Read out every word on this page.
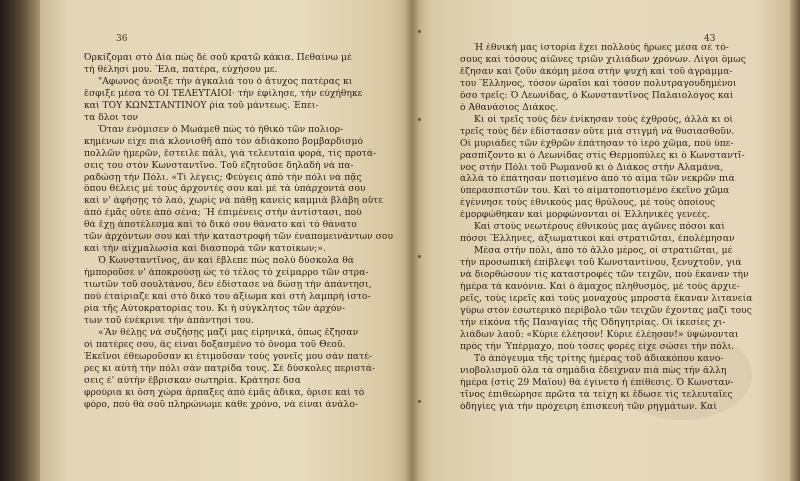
36
Ὀρκίζομαι στὸ Δία πὼς δὲ σοῦ κρατῶ κάκια. Πεθαίνω μὲ
τὴ θέλησί μου. Ἔλα, πατέρα, εὐχήσου με.
"Αφωνος ἄνοιξε τὴν ἀγκαλιά του ὁ ἄτυχος πατέρας κι
ἔσφιξε μέσα τὸ ΟΙ ΤΕΛΕΥΤΑΙΟΙ· τὴν ἐφίλησε, τὴν εὐχήθηκε
καὶ ΤΟΥ ΚΩΝΣΤΑΝΤΙΝΟΥ ῥία τοῦ μάντεως. Ἐπει-
τα δλοι τον
Ὅταν ἐνόμισεν ὁ Μωάμεθ πὼς τὸ ἠθικὸ τῶν πολιορ-
κημένων εἶχε πιὰ κλονισθῆ ἀπὸ τὸν ἀδιάκοπο βομβαρδισμὸ
πολλῶν ἡμερῶν, ἔστειλε πάλι, γιὰ τελευταία φορά, τὶς προτά-
σεις του στὸν Κωνσταντῖνο. Τοῦ ἐζητοῦσε δηλαδὴ νὰ πα-
ραδώσῃ τὴν Πόλι. «Τί λέγεις; Φεύγεις ἀπὸ τὴν πόλι νὰ πᾷς
ὅπου θέλεις μὲ τοὺς ἄρχοντές σου καὶ μὲ τὰ ὑπάρχοντά σου
καὶ ν' ἀφήσῃς τὸ λαό, χωρὶς νὰ πάθῃ κανεὶς καμμιὰ βλάβη οὔτε
ἀπὸ ἐμᾶς οὔτε ἀπὸ σένα; Ἢ ἐπιμένεις στὴν ἀντίστασι, ποὺ
θὰ ἔχῃ ἀποτέλεσμα καὶ τὸ δικό σου θάνατο καὶ τὸ θάνατο
τῶν ἀρχόντων σου καὶ τὴν καταστροφὴ τῶν ἐναπομεινάντων σου
καὶ τὴν αἰχμαλωσία καὶ διασπορὰ τῶν κατοίκων;».
Ὁ Κωνσταντῖνος, ἂν καὶ ἔβλεπε πὼς πολὺ δύσκολα θὰ
ἠμποροῦσε ν' ἀποκρούσῃ ὡς τὸ τέλος τὸ χείμαρρο τῶν στρα-
τιωτῶν τοῦ σουλτάνου, δὲν ἐδίστασε νὰ δώσῃ τὴν ἀπάντησι,
ποὺ ἐταίριαζε καὶ στὸ δικό του ἀξίωμα καὶ στὴ λαμπρὴ ἱστο-
ρία τῆς Αὐτοκρατορίας του. Κι ἡ σύγκλητος τῶν ἀρχόν-
των τοῦ ἐνέκρινε τὴν ἀπάντησί του.
«Ἂν θέλῃς νὰ συζήσῃς μαζί μας εἰρηνικά, ὅπως ἔζησαν
οἱ πατέρες σου, ἃς εἶναι δοξασμένο τὸ ὄνομα τοῦ Θεοῦ.
Ἐκεῖνοι ἐθεωροῦσαν κι ἐτιμοῦσαν τοὺς γονεῖς μου σὰν πατέ-
ρες κι αὐτὴ τὴν πόλι σὰν πατρίδα τους. Σὲ δύσκολες περιστά-
σεις ἐ' αὐτὴν ἔβρισκαν σωτηρία. Κράτησε δσα
φρούρια κι ὅση χώρα ἅρπαξες ἀπὸ ἐμᾶς ἄδικα, ὅρισε καὶ τὸ
φόρο, ποὺ θὰ σοῦ πληρώνωμε κάθε χρόνο, νὰ εἶναι ἀνάλο-
43
Ἡ ἐθνική μας ἱστορία ἔχει πολλοὺς ἥρωες μέσα σὲ τό-
σους καὶ τόσους αἰῶνες τριῶν χιλιάδων χρόνων. Λίγοι ὅμως
ἔζησαν καὶ ζοῦν ἀκόμη μέσα στὴν ψυχὴ καὶ τοῦ ἀγράμμα-
του Ἕλληνος, τόσον ὡραῖοι καὶ τόσον πολυτραγουδημένοι
ὅσο τρεῖς: Ὁ Λεωνίδας, ὁ Κωνσταντῖνος Παλαιολόγος καὶ
ὁ Ἀθανάσιος Διάκος.
Κι οἱ τρεῖς τοὺς δὲν ἐνίκησαν τοὺς ἐχθρούς, ἀλλὰ κι οἱ
τρεῖς τοὺς δὲν ἐδίστασαν οὔτε μιὰ στιγμὴ νὰ θυσιασθοῦν.
Οἱ μυριάδες τῶν ἐχθρῶν ἐπάτησαν τὸ ἱερὸ χῶμα, ποὺ ὑπε-
ρασπίζοντο κι ὁ Λεωνίδας στὶς Θερμοπύλες κι ὁ Κωνσταντῖ-
νος στὴν Πόλι τοῦ Ρωμανοῦ κι ὁ Διάκος στὴν Ἀλαμάνα,
ἀλλὰ τὸ ἐπάτησαν ποτισμένο ἀπὸ τὸ αἷμα τῶν νεκρῶν πιὰ
ὑπερασπιστῶν του. Καὶ τὸ αἱματοποτισμένο ἐκεῖνο χῶμα
ἐγέννησε τοὺς ἐθνικοὺς μας θρύλους, μὲ τοὺς ὁποίους
ἐμορφώθηκαν καὶ μορφώνονται οἱ Ἑλληνικὲς γενεές.
Καὶ στοὺς νεωτέρους ἐθνικούς μας ἀγῶνες πόσοι καὶ
πόσοι Ἕλληνες, ἀξιωματικοὶ καὶ στρατιῶται, ἐπολέμησαν
Μέσα στὴν πόλι, ἀπὸ τὸ ἄλλο μέρος, οἱ στρατιῶται, μὲ
τὴν προσωπικὴ ἐπίβλεψι τοῦ Κωνσταντίνου, ξενυχτοῦν, γιὰ
νὰ διορθώσουν τὶς καταστροφὲς τῶν τειχῶν, ποὺ ἔκαναν τὴν
ἡμέρα τὰ κανόνια. Καὶ ὁ ἄμαχος πληθυσμός, μὲ τοὺς ἀρχιε-
ρεῖς, τοὺς ἱερεῖς καὶ τοὺς μοναχοὺς μπροστά ἔκαναν λιτανεία
γύρω στὸν ἐσωτερικὸ περίβολο τῶν τειχῶν ἔχοντας μαζί τους
τὴν εἰκόνα τῆς Παναγίας τῆς Ὁδηγητρίας. Οἱ ἱκεσίες χι-
λιάδων λαοῦ: «Κύριε ἐλέησον! Κύριε ἐλέησον!» ὑψώνονται
πρὸς τὴν Ὑπέρμαχο, ποὺ τόσες φορὲς εἶχε σώσει τὴν πόλι.
Τὸ ἀπόγευμα τῆς τρίτης ἡμέρας τοῦ ἀδιακόπου κανο-
νιοβολισμοῦ ὅλα τὰ σημάδια ἔδειχναν πιὰ πὼς τὴν ἄλλη
ἡμέρα (στὶς 29 Μαΐου) θὰ ἐγίνετο ἡ ἐπίθεσις. Ὁ Κωνσταν-
τῖνος ἐπιθεώρησε πρῶτα τὰ τείχη κι ἔδωσε τὶς τελευταῖες
ὁδηγίες γιὰ τὴν πρόχειρη ἐπισκευὴ τῶν ρηγμάτων. Καὶ
